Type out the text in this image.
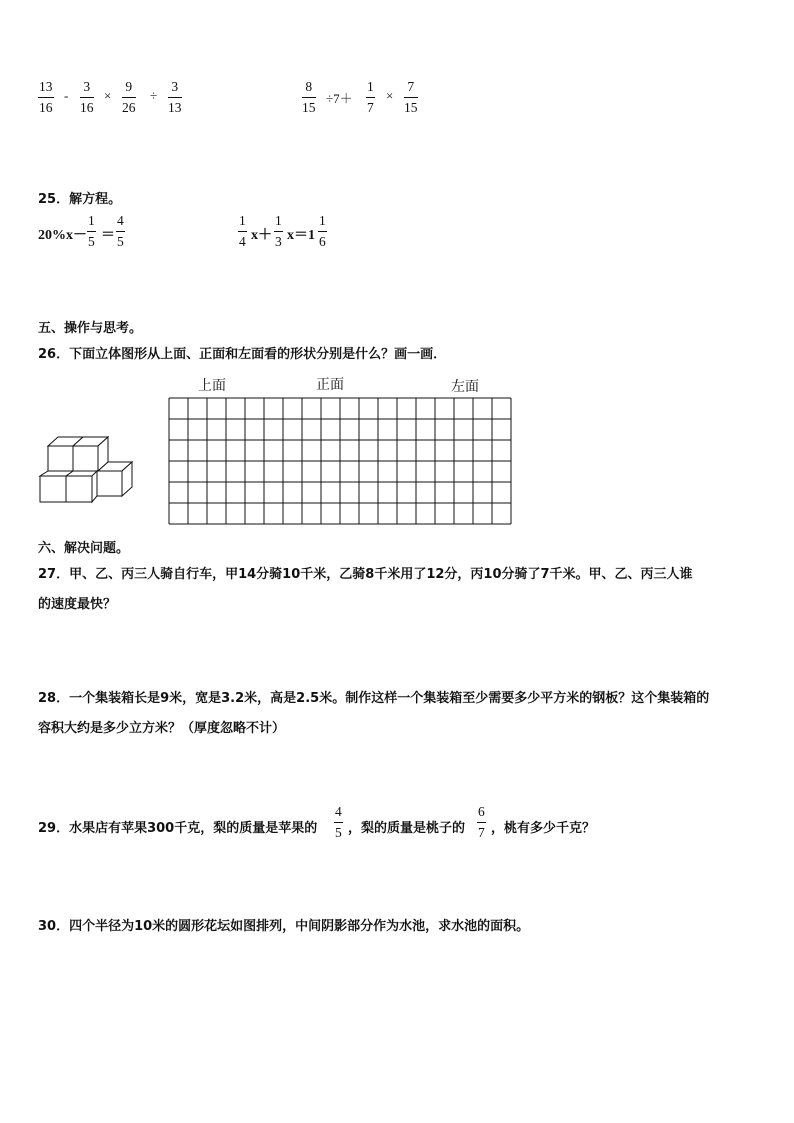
13
16
-
3
16
×
9
26
÷
3
13
8
15
÷7＋
1
7
×
7
15
25．解方程。
20%x－
1
5 ＝
4
5
1
4 x＋
1
3 x＝1
1
6
五、操作与思考。
26．下面立体图形从上面、正面和左面看的形状分别是什么？画一画．
上面	正面	左面
六、解决问题。
27．甲、乙、丙三人骑自行车，甲14分骑10千米，乙骑8千米用了12分，丙10分骑了7千米。甲、乙、丙三人谁
的速度最快？
28．一个集装箱长是9米，宽是3.2米，高是2.5米。制作这样一个集装箱至少需要多少平方米的钢板？这个集装箱的
容积大约是多少立方米？（厚度忽略不计）
29．水果店有苹果300千克，梨的质量是苹果的
4
5 ，梨的质量是桃子的
6
7 ，桃有多少千克？
30．四个半径为10米的圆形花坛如图排列，中间阴影部分作为水池，求水池的面积。
